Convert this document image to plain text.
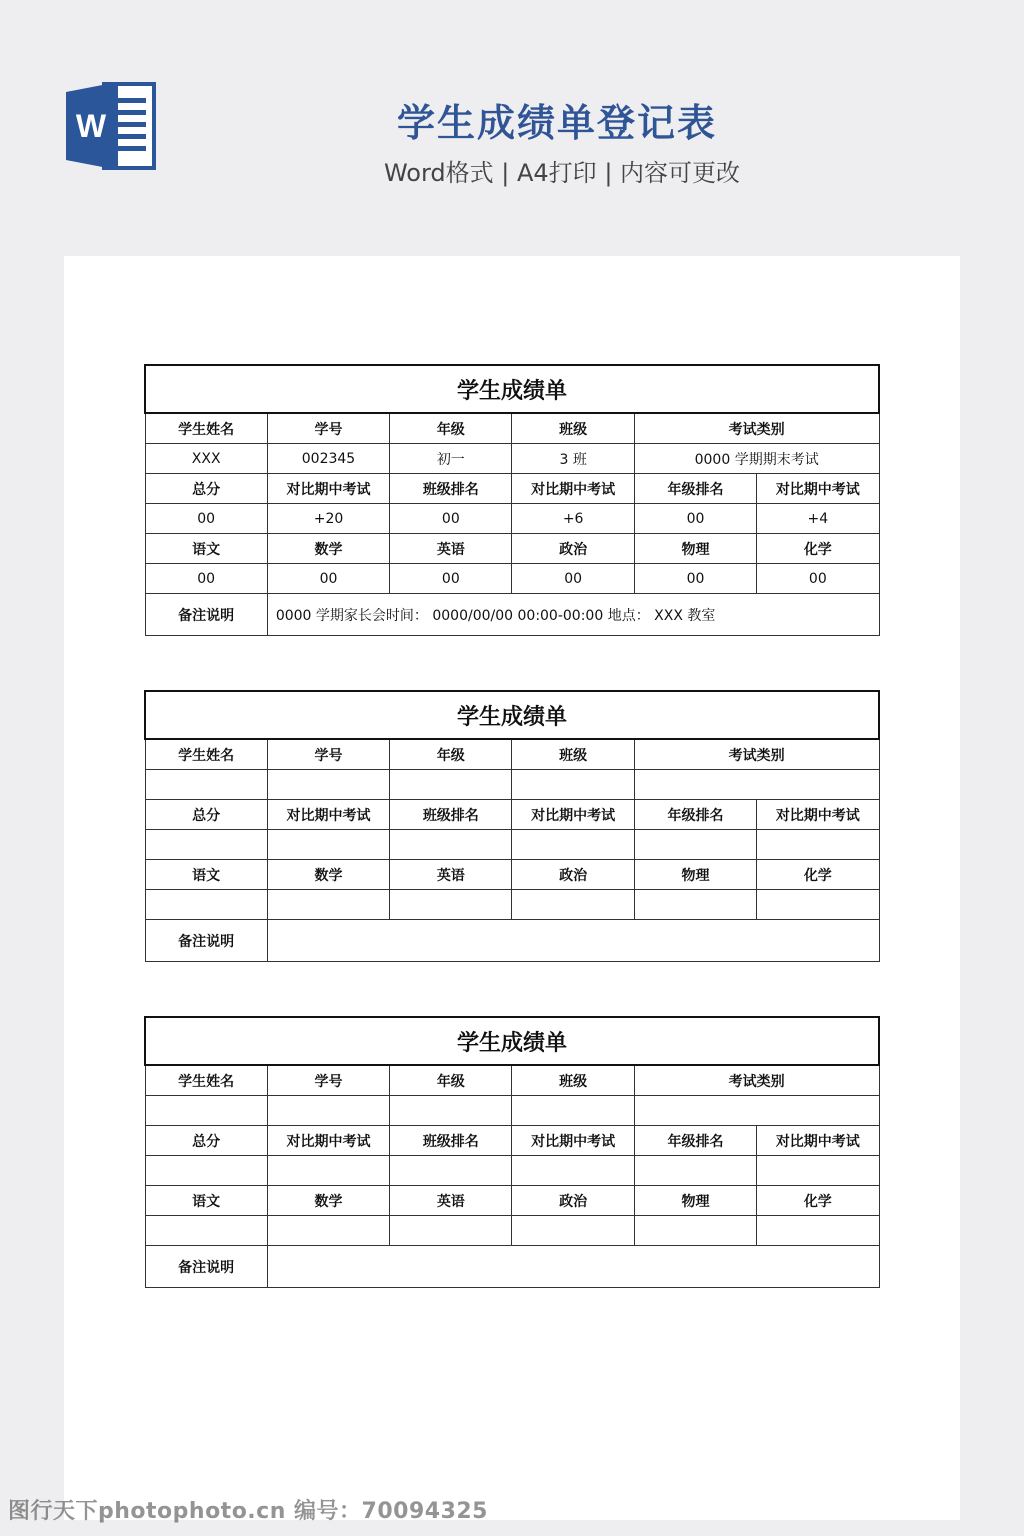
W	学生成绩单登记表
Word格式 | A4打印 | 内容可更改
学生成绩单					
学生姓名	学号	年级	班级	考试类别	
XXX	002345	初一	3 班	0000 学期期末考试	
总分	对比期中考试	班级排名	对比期中考试	年级排名	对比期中考试
00	+20	00	+6	00	+4
语文	数学	英语	政治	物理	化学
00	00	00	00	00	00
备注说明	0000 学期家长会时间： 0000/00/00 00:00-00:00 地点： XXX 教室				
学生成绩单					
学生姓名	学号	年级	班级	考试类别	

总分	对比期中考试	班级排名	对比期中考试	年级排名	对比期中考试

语文	数学	英语	政治	物理	化学

备注说明					
学生成绩单					
学生姓名	学号	年级	班级	考试类别	

总分	对比期中考试	班级排名	对比期中考试	年级排名	对比期中考试

语文	数学	英语	政治	物理	化学

备注说明					
图行天下photophoto.cn 编号：70094325
